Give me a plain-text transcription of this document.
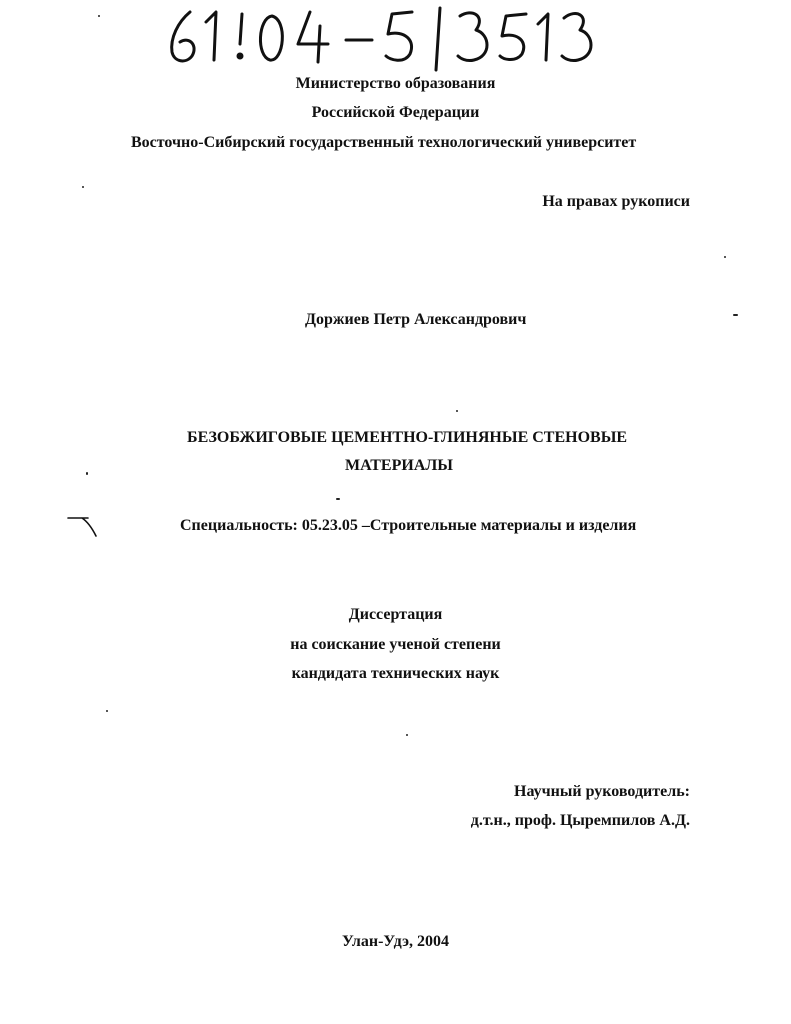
61!04-5|3513
Министерство образования
Российской Федерации
Восточно-Сибирский государственный технологический университет
На правах рукописи
Доржиев Петр Александрович
БЕЗОБЖИГОВЫЕ ЦЕМЕНТНО-ГЛИНЯНЫЕ СТЕНОВЫЕ
МАТЕРИАЛЫ
Специальность: 05.23.05 –Строительные материалы и изделия
Диссертация
на соискание ученой степени
кандидата технических наук
Научный руководитель:
д.т.н., проф. Цыремпилов А.Д.
Улан-Удэ, 2004
